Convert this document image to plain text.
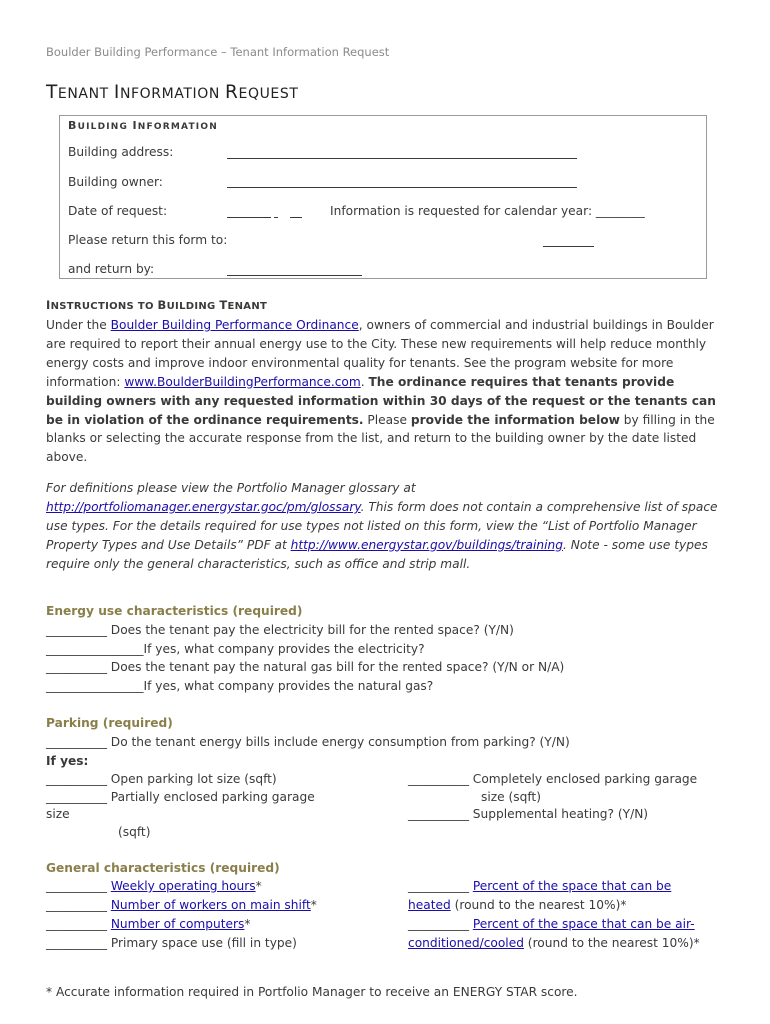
Boulder Building Performance – Tenant Information Request
TENANT INFORMATION REQUEST
BUILDING INFORMATION
Building address:
Building owner:
Date of request:	Information is requested for calendar year: ________
Please return this form to:
and return by:
INSTRUCTIONS TO BUILDING TENANT
Under the Boulder Building Performance Ordinance, owners of commercial and industrial buildings in Boulder are required to report their annual energy use to the City. These new requirements will help reduce monthly energy costs and improve indoor environmental quality for tenants. See the program website for more information: www.BoulderBuildingPerformance.com. The ordinance requires that tenants provide building owners with any requested information within 30 days of the request or the tenants can be in violation of the ordinance requirements. Please provide the information below by filling in the blanks or selecting the accurate response from the list, and return to the building owner by the date listed above.
For definitions please view the Portfolio Manager glossary at http://portfoliomanager.energystar.goc/pm/glossary. This form does not contain a comprehensive list of space use types. For the details required for use types not listed on this form, view the “List of Portfolio Manager Property Types and Use Details” PDF at http://www.energystar.gov/buildings/training. Note - some use types require only the general characteristics, such as office and strip mall.
Energy use characteristics (required)
__________ Does the tenant pay the electricity bill for the rented space? (Y/N)
________________If yes, what company provides the electricity?
__________ Does the tenant pay the natural gas bill for the rented space? (Y/N or N/A)
________________If yes, what company provides the natural gas?
Parking (required)
__________ Do the tenant energy bills include energy consumption from parking? (Y/N)
If yes:
__________ Open parking lot size (sqft)
__________ Partially enclosed parking garage
size
(sqft)
__________ Completely enclosed parking garage
size (sqft)
__________ Supplemental heating? (Y/N)
General characteristics (required)
__________ Weekly operating hours*
__________ Number of workers on main shift*
__________ Number of computers*
__________ Primary space use (fill in type)
__________ Percent of the space that can be
heated (round to the nearest 10%)*
__________ Percent of the space that can be air-
conditioned/cooled (round to the nearest 10%)*
* Accurate information required in Portfolio Manager to receive an ENERGY STAR score.
